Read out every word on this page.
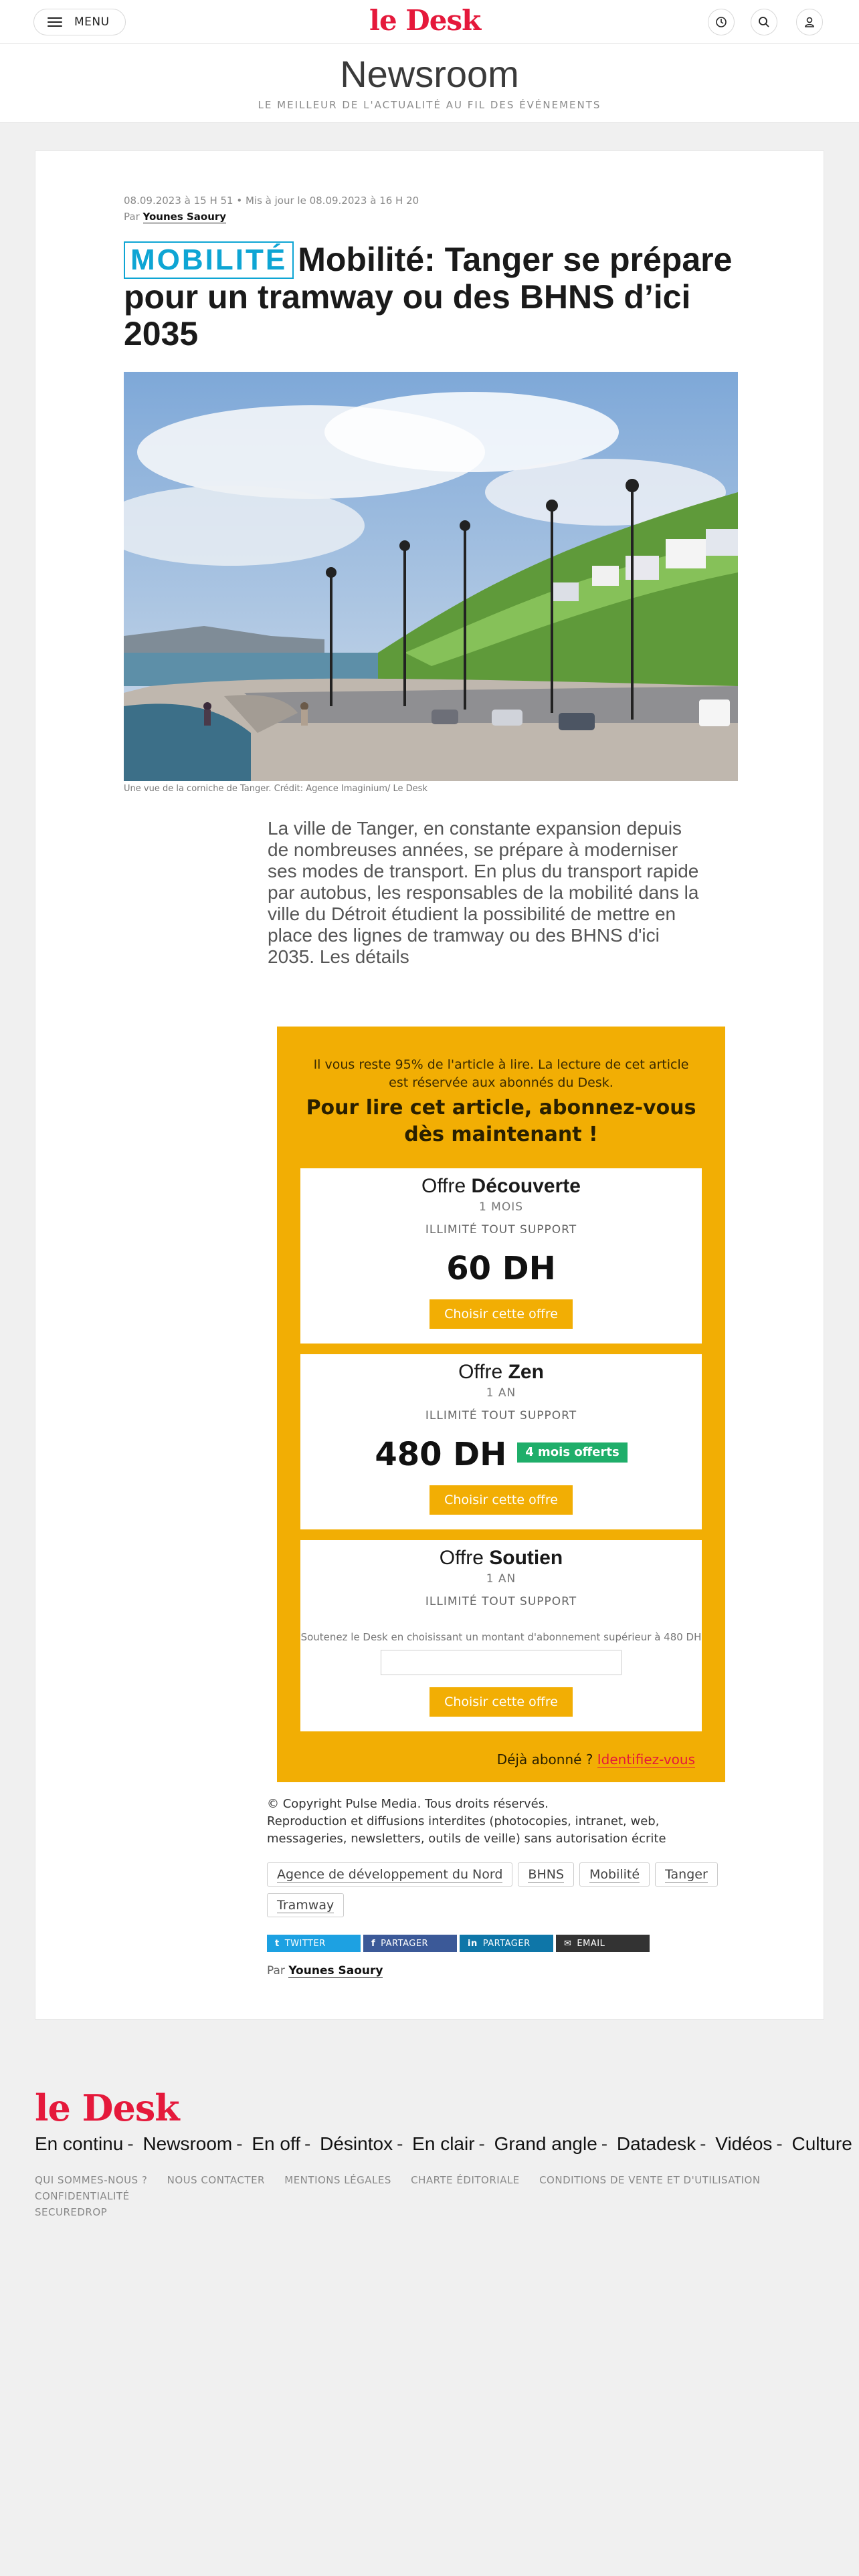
MENU	le Desk
Newsroom
LE MEILLEUR DE L'ACTUALITÉ AU FIL DES ÉVÉNEMENTS
08.09.2023 à 15 H 51 • Mis à jour le 08.09.2023 à 16 H 20
Par Younes Saoury
MOBILITÉ Mobilité: Tanger se prépare pour un tramway ou des BHNS d’ici 2035
Une vue de la corniche de Tanger. Crédit: Agence Imaginium/ Le Desk

La ville de Tanger, en constante expansion depuis de nombreuses années, se prépare à moderniser ses modes de transport. En plus du transport rapide par autobus, les responsables de la mobilité dans la ville du Détroit étudient la possibilité de mettre en place des lignes de tramway ou des BHNS d'ici 2035. Les détails

Il vous reste 95% de l'article à lire. La lecture de cet article est réservée aux abonnés du Desk.
Pour lire cet article, abonnez-vous dès maintenant !
Offre Découverte
1 MOIS
ILLIMITÉ TOUT SUPPORT
60 DH
Choisir cette offre
Offre Zen
1 AN
ILLIMITÉ TOUT SUPPORT
480 DH 4 mois offerts
Choisir cette offre
Offre Soutien
1 AN
ILLIMITÉ TOUT SUPPORT
Soutenez le Desk en choisissant un montant d'abonnement supérieur à 480 DH
Choisir cette offre
Déjà abonné ? Identifiez-vous
© Copyright Pulse Media. Tous droits réservés.
Reproduction et diffusions interdites (photocopies, intranet, web, messageries, newsletters, outils de veille) sans autorisation écrite
Agence de développement du Nord	BHNS	Mobilité	Tanger
Tramway
t TWITTER	f PARTAGER	in PARTAGER	✉ EMAIL
Par Younes Saoury
le Desk
En continu - Newsroom - En off - Désintox - En clair - Grand angle - Datadesk - Vidéos - Culture
QUI SOMMES-NOUS ? NOUS CONTACTER MENTIONS LÉGALES CHARTE ÉDITORIALE CONDITIONS DE VENTE ET D'UTILISATION CONFIDENTIALITÉ
SECUREDROP
